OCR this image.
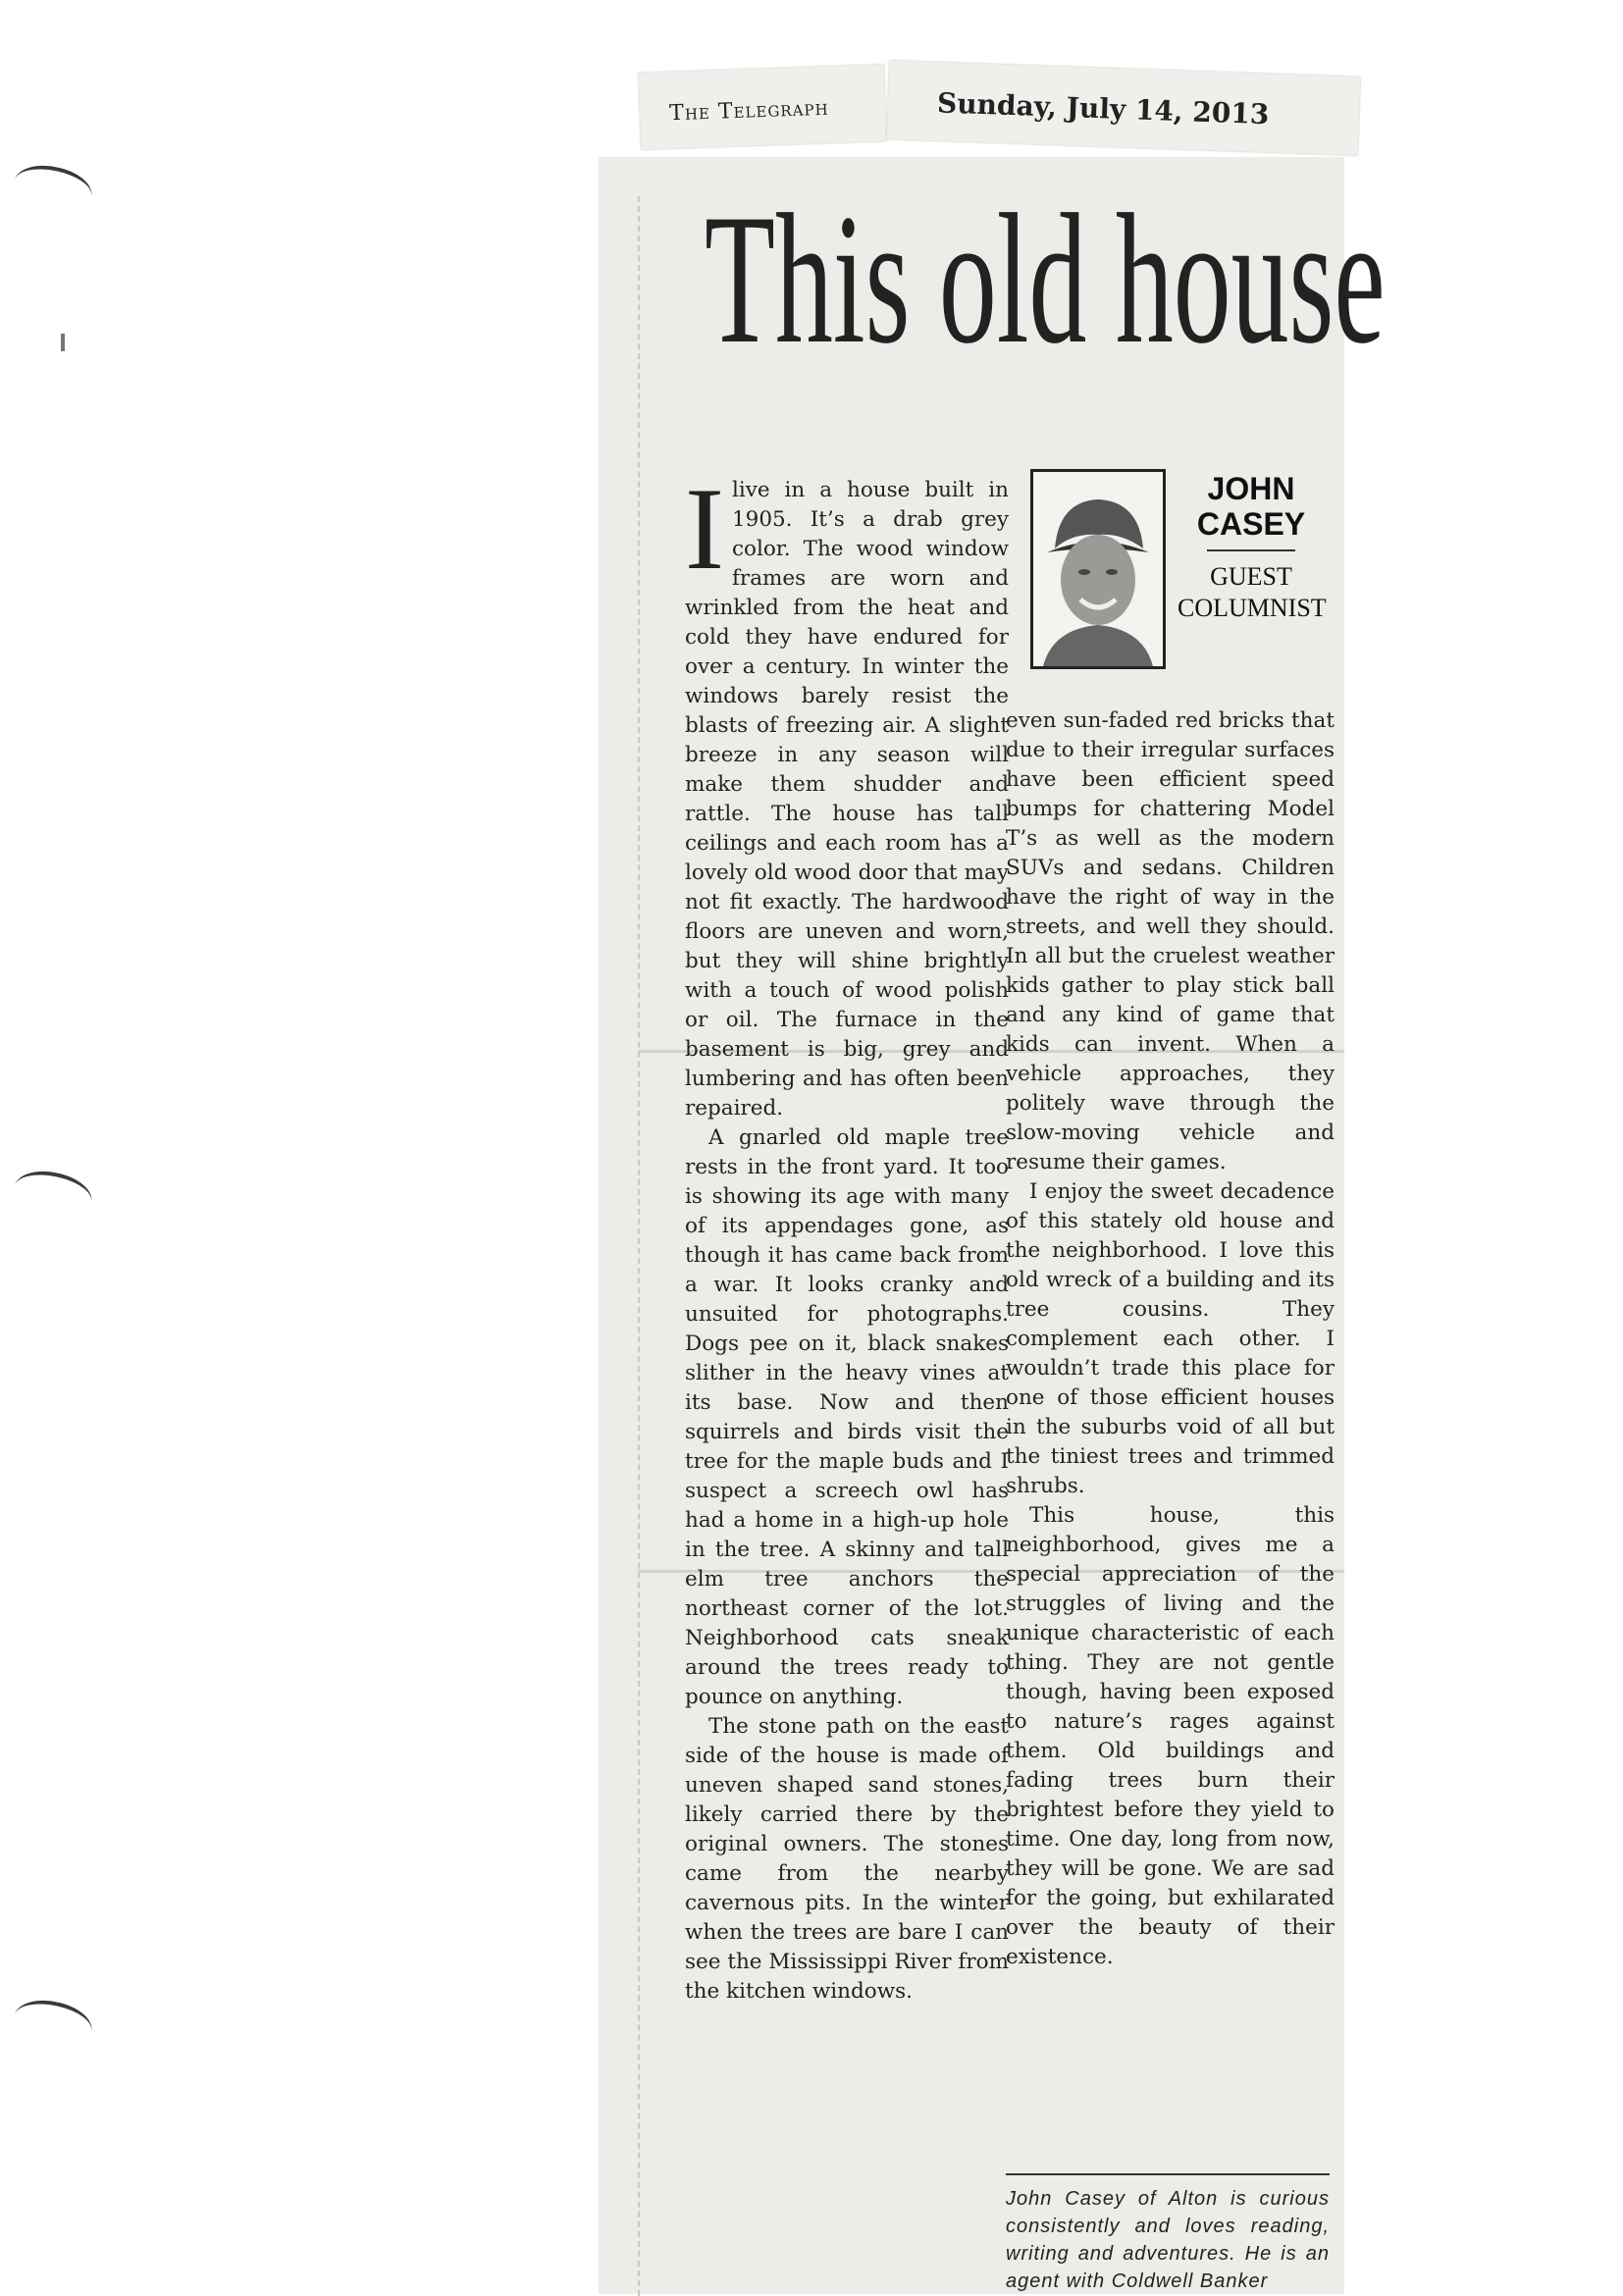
The Telegraph	Sunday, July 14, 2013
This old house
JOHN
CASEY
GUEST
COLUMNIST

Ilive in a house built in 1905. It’s a drab grey color. The wood window frames are worn and wrinkled from the heat and cold they have endured for over a century. In winter the windows barely resist the blasts of freezing air. A slight breeze in any season will make them shudder and rattle. The house has tall ceilings and each room has a lovely old wood door that may not fit exactly. The hardwood floors are uneven and worn, but they will shine brightly with a touch of wood polish or oil. The furnace in the basement is big, grey and lumbering and has often been repaired.

A gnarled old maple tree rests in the front yard. It too is showing its age with many of its appendages gone, as though it has came back from a war. It looks cranky and unsuited for photographs. Dogs pee on it, black snakes slither in the heavy vines at its base. Now and then squirrels and birds visit the tree for the maple buds and I suspect a screech owl has had a home in a high-up hole in the tree. A skinny and tall elm tree anchors the northeast corner of the lot. Neighborhood cats sneak around the trees ready to pounce on anything.

The stone path on the east side of the house is made of uneven shaped sand stones, likely carried there by the original owners. The stones came from the nearby cavernous pits. In the winter when the trees are bare I can see the Mississippi River from the kitchen windows.

even sun-faded red bricks that due to their irregular surfaces have been efficient speed bumps for chattering Model T’s as well as the modern SUVs and sedans. Children have the right of way in the streets, and well they should. In all but the cruelest weather kids gather to play stick ball and any kind of game that kids can invent. When a vehicle approaches, they politely wave through the slow-moving vehicle and resume their games.

I enjoy the sweet decadence of this stately old house and the neighborhood. I love this old wreck of a building and its tree cousins. They complement each other. I wouldn’t trade this place for one of those efficient houses in the suburbs void of all but the tiniest trees and trimmed shrubs.

This house, this neighborhood, gives me a special appreciation of the struggles of living and the unique characteristic of each thing. They are not gentle though, having been exposed to nature’s rages against them. Old buildings and fading trees burn their brightest before they yield to time. One day, long from now, they will be gone. We are sad for the going, but exhilarated over the beauty of their existence.

John Casey of Alton is curious consistently and loves reading, writing and adventures. He is an agent with Coldwell Banker
